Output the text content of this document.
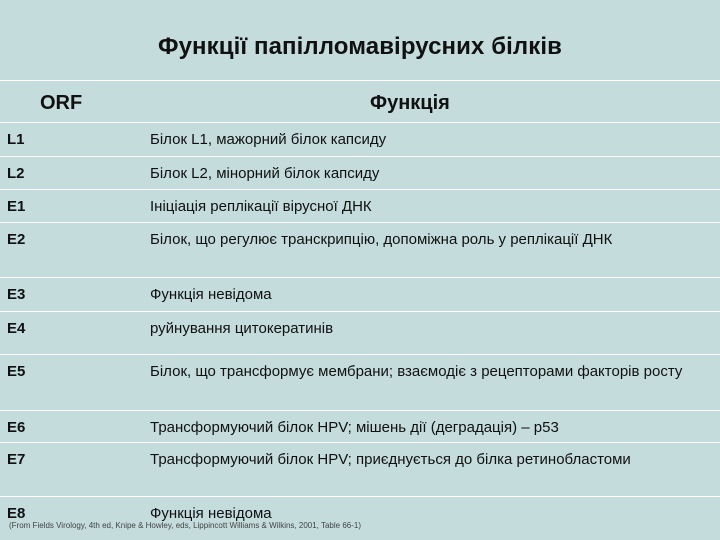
Функції папілломавірусних білків
ORF	Функція
L1	Білок L1, мажорний білок капсиду
L2	Білок L2, мінорний білок капсиду
E1	Ініціація реплікації вірусної ДНК
E2	Білок, що регулює транскрипцію, допоміжна роль у реплікації ДНК
E3	Функція невідома
E4	руйнування цитокератинів
E5	Білок, що трансформує мембрани; взаємодіє з рецепторами факторів росту
E6	Трансформуючий білок HPV; мішень дії (деградація) – p53
E7	Трансформуючий білок HPV; приєднується до білка ретинобластоми
E8	Функція невідома
(From Fields Virology, 4th ed, Knipe & Howley, eds, Lippincott Williams & Wilkins, 2001, Table 66-1)
